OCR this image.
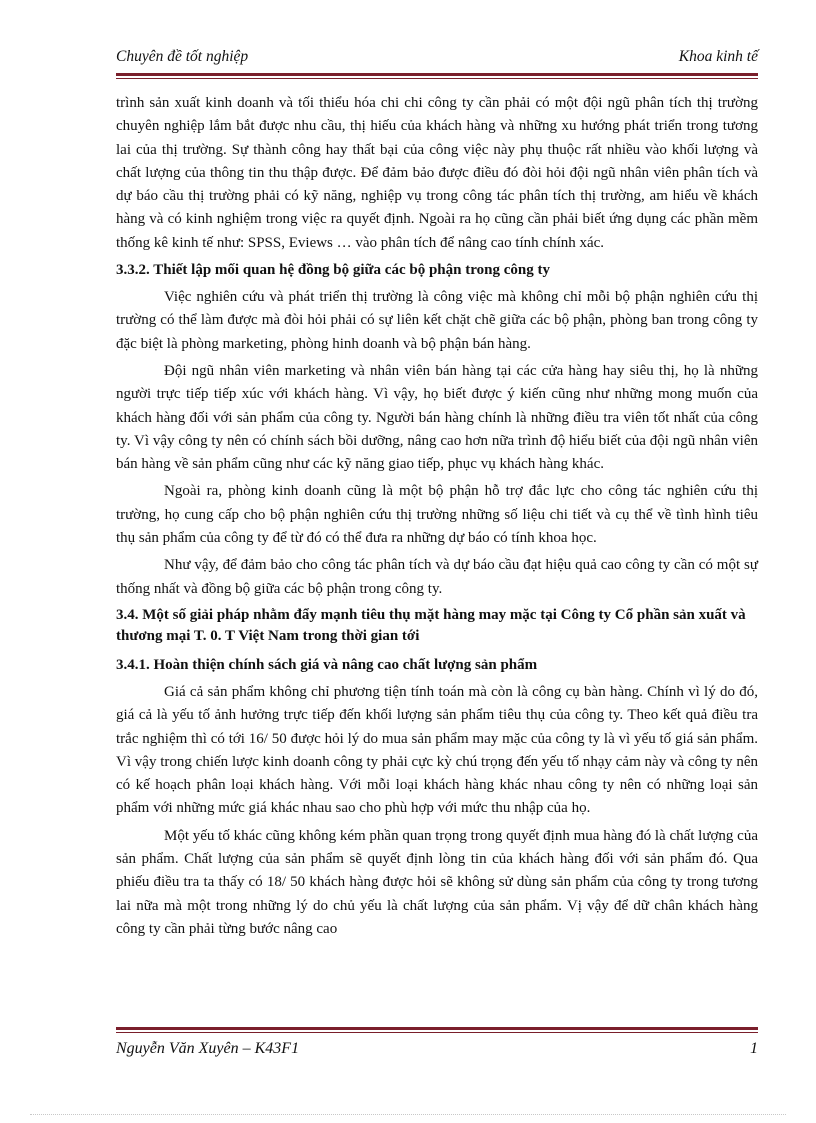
Chuyên đề tốt nghiệp	Khoa kinh tế

trình sản xuất kinh doanh và tối thiểu hóa chi chi công ty cần phải có một đội ngũ phân tích thị trường chuyên nghiệp lắm bắt được nhu cầu, thị hiếu của khách hàng và những xu hướng phát triển trong tương lai của thị trường. Sự thành công hay thất bại của công việc này phụ thuộc rất nhiều vào khối lượng và chất lượng của thông tin thu thập được. Để đảm bảo được điều đó đòi hỏi đội ngũ nhân viên phân tích và dự báo cầu thị trường phải có kỹ năng, nghiệp vụ trong công tác phân tích thị trường, am hiểu về khách hàng và có kinh nghiệm trong việc ra quyết định. Ngoài ra họ cũng cần phải biết ứng dụng các phần mềm thống kê kinh tế như: SPSS, Eviews … vào phân tích để nâng cao tính chính xác.

3.3.2. Thiết lập mối quan hệ đồng bộ giữa các bộ phận trong công ty

Việc nghiên cứu và phát triển thị trường là công việc mà không chỉ mỗi bộ phận nghiên cứu thị trường có thể làm được mà đòi hỏi phải có sự liên kết chặt chẽ giữa các bộ phận, phòng ban trong công ty đặc biệt là phòng marketing, phòng hinh doanh và bộ phận bán hàng.

Đội ngũ nhân viên marketing và nhân viên bán hàng tại các cửa hàng hay siêu thị, họ là những người trực tiếp tiếp xúc với khách hàng. Vì vậy, họ biết được ý kiến cũng như những mong muốn của khách hàng đối với sản phẩm của công ty. Người bán hàng chính là những điều tra viên tốt nhất của công ty. Vì vậy công ty nên có chính sách bồi dưỡng, nâng cao hơn nữa trình độ hiểu biết của đội ngũ nhân viên bán hàng về sản phẩm cũng như các kỹ năng giao tiếp, phục vụ khách hàng khác.

Ngoài ra, phòng kinh doanh cũng là một bộ phận hỗ trợ đắc lực cho công tác nghiên cứu thị trường, họ cung cấp cho bộ phận nghiên cứu thị trường những số liệu chi tiết và cụ thể về tình hình tiêu thụ sản phẩm của công ty để từ đó có thể đưa ra những dự báo có tính khoa học.

Như vậy, để đảm bảo cho công tác phân tích và dự báo cầu đạt hiệu quả cao công ty cần có một sự thống nhất và đồng bộ giữa các bộ phận trong công ty.

3.4. Một số giải pháp nhằm đẩy mạnh tiêu thụ mặt hàng may mặc tại Công ty Cổ phần sản xuất và thương mại T. 0. T Việt Nam trong thời gian tới
3.4.1. Hoàn thiện chính sách giá và nâng cao chất lượng sản phẩm

Giá cả sản phẩm không chỉ phương tiện tính toán mà còn là công cụ bàn hàng. Chính vì lý do đó, giá cả là yếu tố ảnh hưởng trực tiếp đến khối lượng sản phẩm tiêu thụ của công ty. Theo kết quả điều tra trắc nghiệm thì có tới 16/ 50 được hỏi lý do mua sản phẩm may mặc của công ty là vì yếu tố giá sản phẩm. Vì vậy trong chiến lược kinh doanh công ty phải cực kỳ chú trọng đến yếu tố nhạy cảm này và công ty nên có kế hoạch phân loại khách hàng. Với mỗi loại khách hàng khác nhau công ty nên có những loại sản phẩm với những mức giá khác nhau sao cho phù hợp với mức thu nhập của họ.

Một yếu tố khác cũng không kém phần quan trọng trong quyết định mua hàng đó là chất lượng của sản phẩm. Chất lượng của sản phẩm sẽ quyết định lòng tin của khách hàng đối với sản phẩm đó. Qua phiếu điều tra ta thấy có 18/ 50 khách hàng được hỏi sẽ không sử dùng sản phẩm của công ty trong tương lai nữa mà một trong những lý do chủ yếu là chất lượng của sản phẩm. Vị vậy để dữ chân khách hàng công ty cần phải từng bước nâng cao

Nguyễn Văn Xuyên – K43F1	1
